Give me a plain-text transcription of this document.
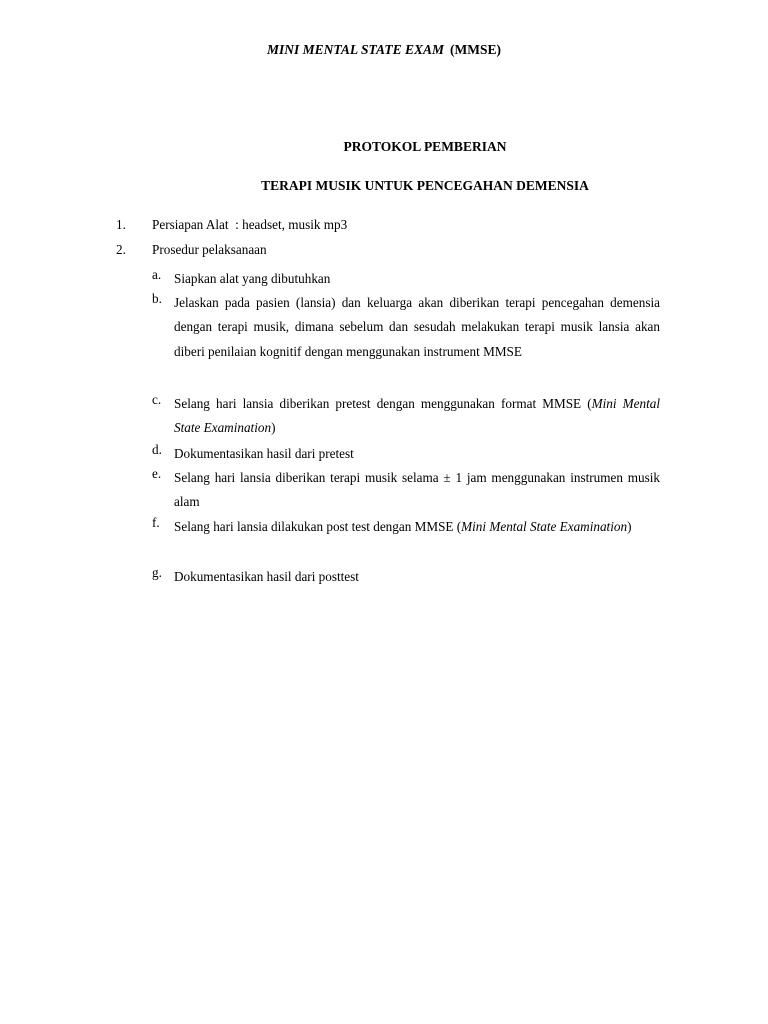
MINI MENTAL STATE EXAM (MMSE)
PROTOKOL PEMBERIAN
TERAPI MUSIK UNTUK PENCEGAHAN DEMENSIA
1. Persiapan Alat  : headset, musik mp3
2. Prosedur pelaksanaan
a. Siapkan alat yang dibutuhkan
b. Jelaskan pada pasien (lansia) dan keluarga akan diberikan terapi pencegahan demensia dengan terapi musik, dimana sebelum dan sesudah melakukan terapi musik lansia akan diberi penilaian kognitif dengan menggunakan instrument MMSE
c. Selang hari lansia diberikan pretest dengan menggunakan format MMSE (Mini Mental State Examination)
d. Dokumentasikan hasil dari pretest
e. Selang hari lansia diberikan terapi musik selama ± 1 jam menggunakan instrumen musik alam
f. Selang hari lansia dilakukan post test dengan MMSE (Mini Mental State Examination)
g. Dokumentasikan hasil dari posttest
